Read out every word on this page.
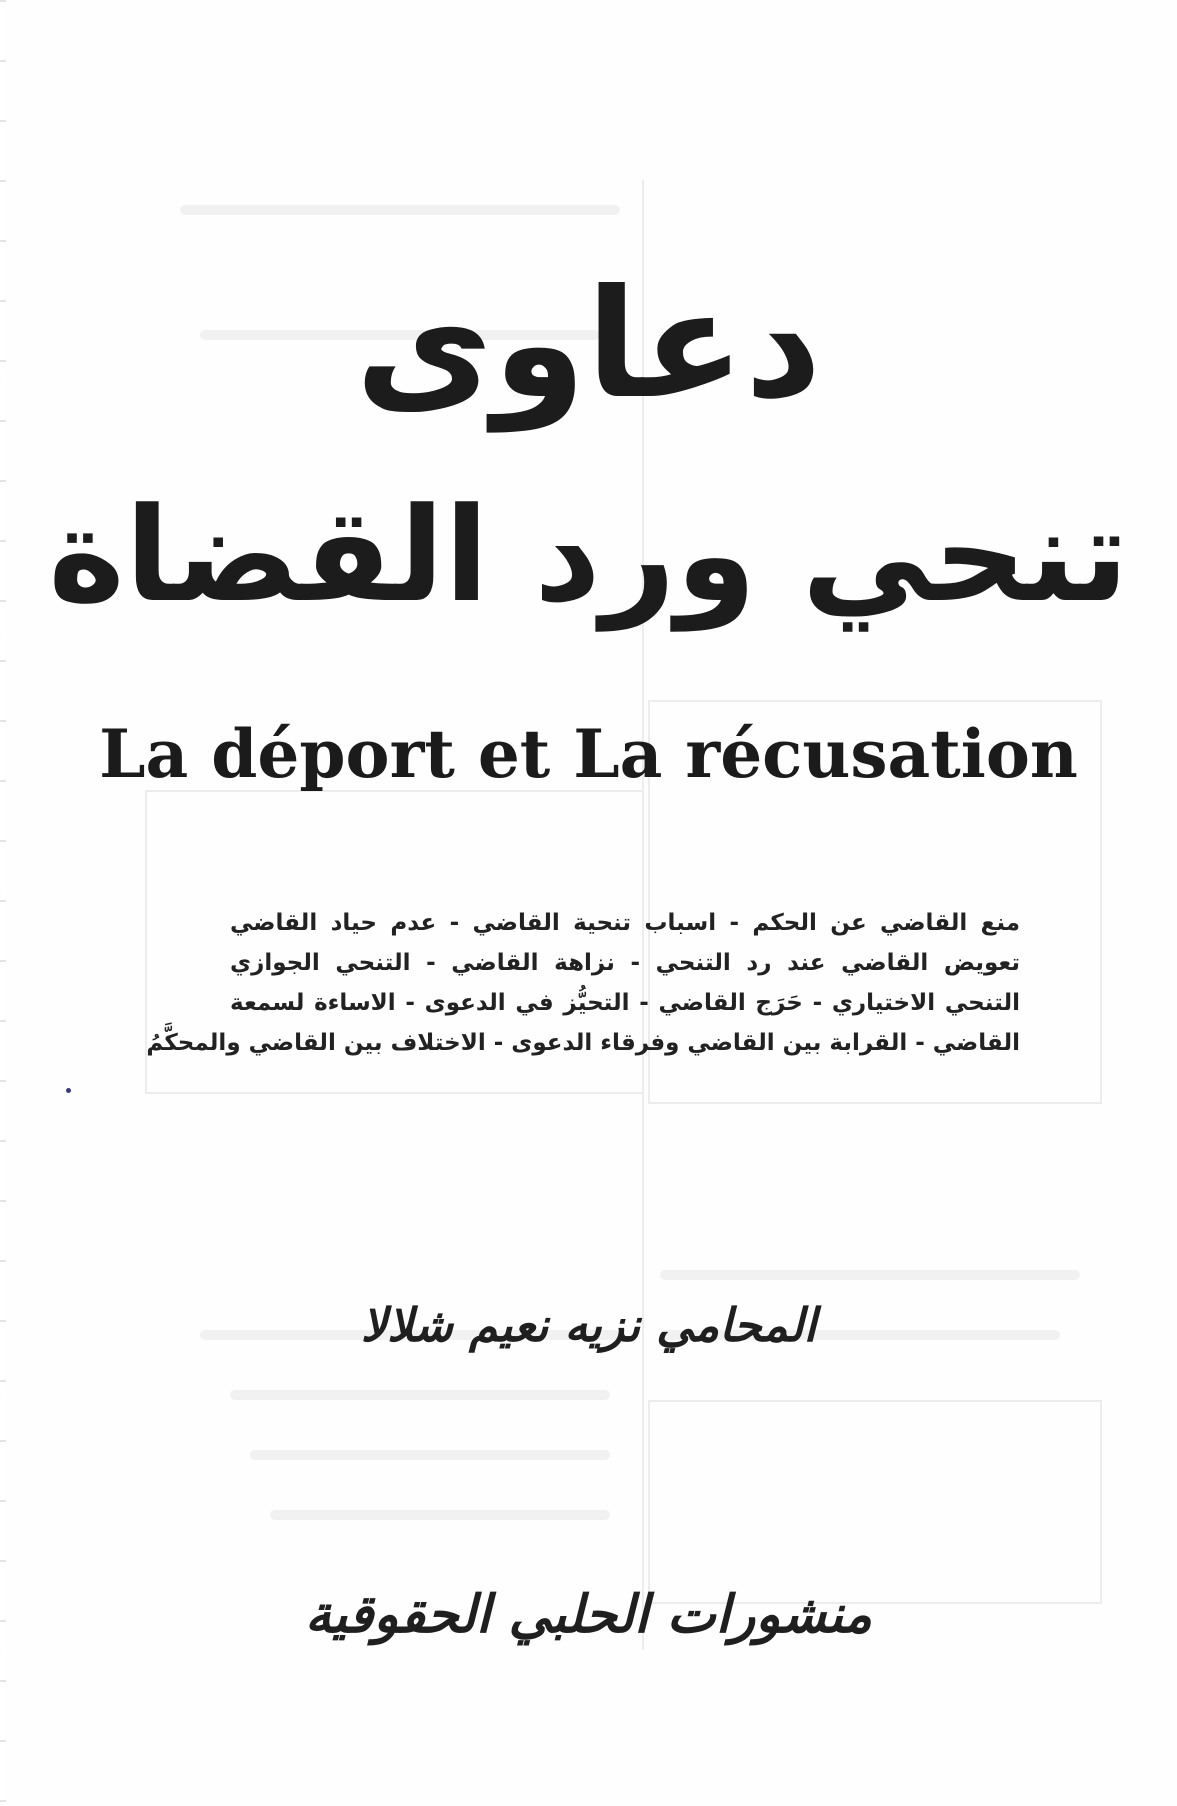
دعاوى
تنحي ورد القضاة
La déport et La récusation
منع القاضي عن الحكم - اسباب تنحية القاضي - عدم حياد القاضي
تعويض القاضي عند رد التنحي - نزاهة القاضي - التنحي الجوازي
التنحي الاختياري - حَرَج القاضي - التحيُّز في الدعوى - الاساءة لسمعة
القاضي - القرابة بين القاضي وفرقاء الدعوى - الاختلاف بين القاضي والمحكَّمُ
المحامي نزيه نعيم شلالا
منشورات الحلبي الحقوقية
